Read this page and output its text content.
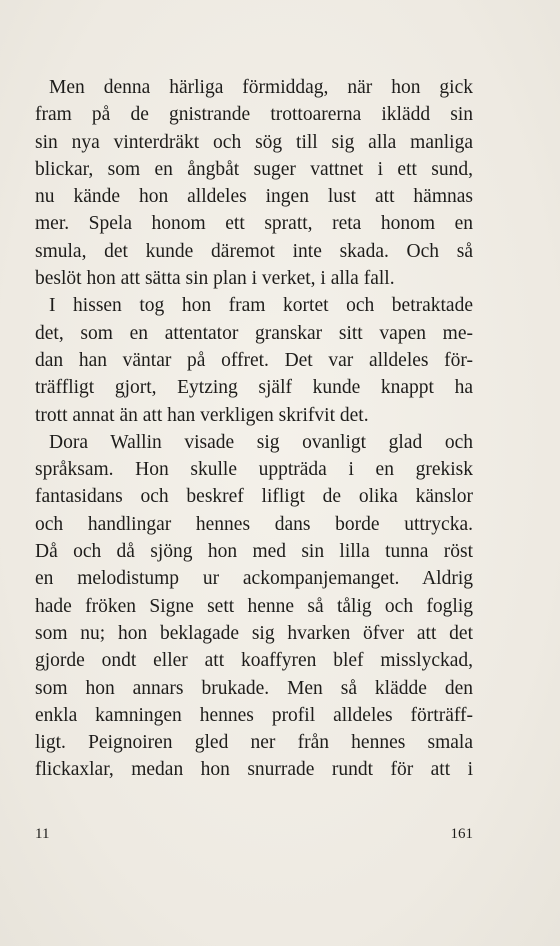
Men denna härliga förmiddag, när hon gick
fram på de gnistrande trottoarerna iklädd sin
sin nya vinterdräkt och sög till sig alla manliga
blickar, som en ångbåt suger vattnet i ett sund,
nu kände hon alldeles ingen lust att hämnas
mer. Spela honom ett spratt, reta honom en
smula, det kunde däremot inte skada. Och så
beslöt hon att sätta sin plan i verket, i alla fall.
I hissen tog hon fram kortet och betraktade
det, som en attentator granskar sitt vapen me-
dan han väntar på offret. Det var alldeles för-
träffligt gjort, Eytzing själf kunde knappt ha
trott annat än att han verkligen skrifvit det.
Dora Wallin visade sig ovanligt glad och
språksam. Hon skulle uppträda i en grekisk
fantasidans och beskref lifligt de olika känslor
och handlingar hennes dans borde uttrycka.
Då och då sjöng hon med sin lilla tunna röst
en melodistump ur ackompanjemanget. Aldrig
hade fröken Signe sett henne så tålig och foglig
som nu; hon beklagade sig hvarken öfver att det
gjorde ondt eller att koaffyren blef misslyckad,
som hon annars brukade. Men så klädde den
enkla kamningen hennes profil alldeles förträff-
ligt. Peignoiren gled ner från hennes smala
flickaxlar, medan hon snurrade rundt för att i
11	161
